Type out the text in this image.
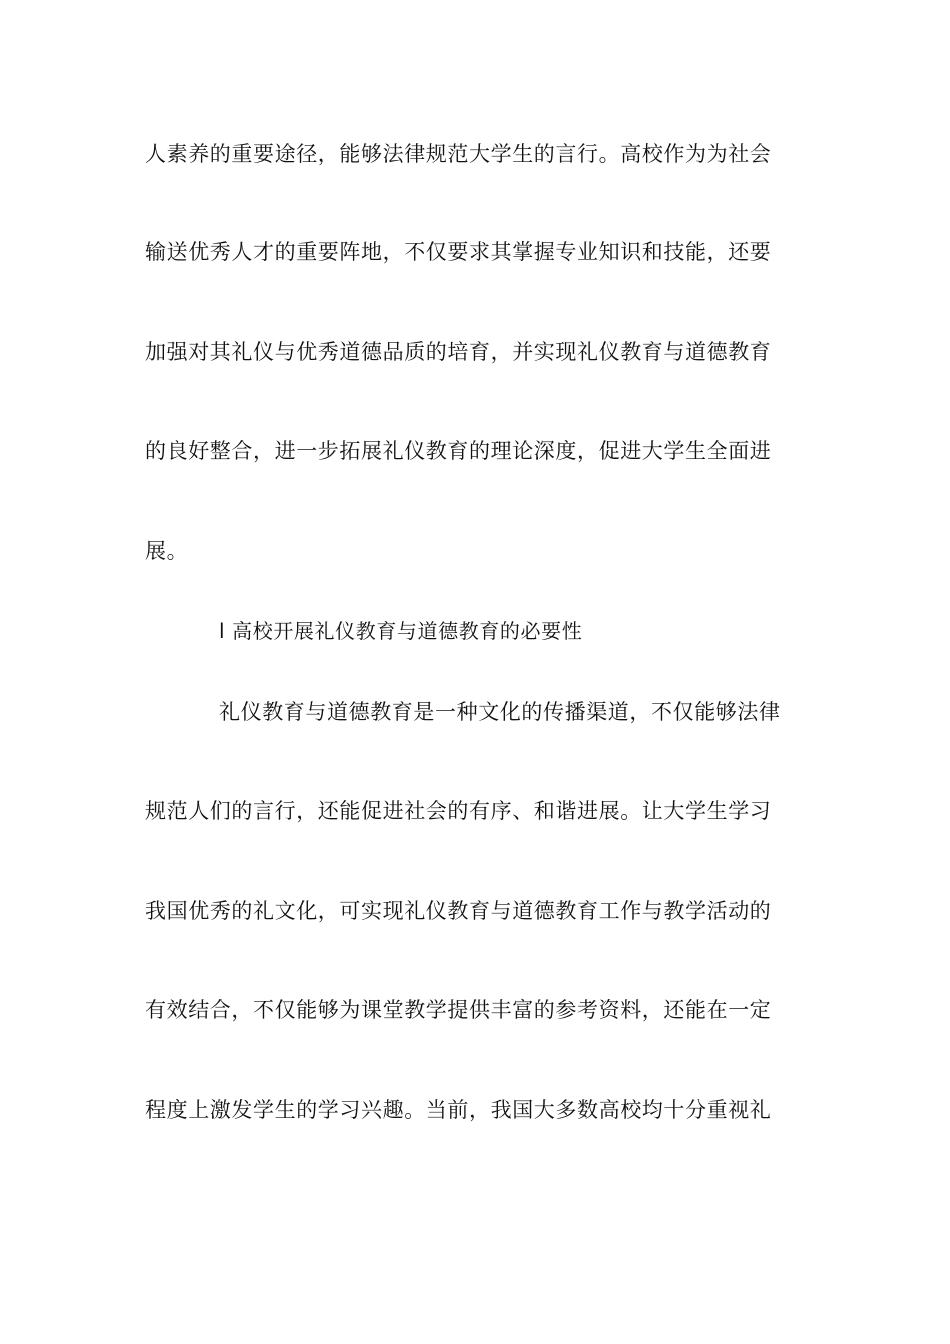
人素养的重要途径，能够法律规范大学生的言行。高校作为为社会
输送优秀人才的重要阵地，不仅要求其掌握专业知识和技能，还要
加强对其礼仪与优秀道德品质的培育，并实现礼仪教育与道德教育
的良好整合，进一步拓展礼仪教育的理论深度，促进大学生全面进
展。
l 高校开展礼仪教育与道德教育的必要性
礼仪教育与道德教育是一种文化的传播渠道，不仅能够法律
规范人们的言行，还能促进社会的有序、和谐进展。让大学生学习
我国优秀的礼文化，可实现礼仪教育与道德教育工作与教学活动的
有效结合，不仅能够为课堂教学提供丰富的参考资料，还能在一定
程度上激发学生的学习兴趣。当前，我国大多数高校均十分重视礼
